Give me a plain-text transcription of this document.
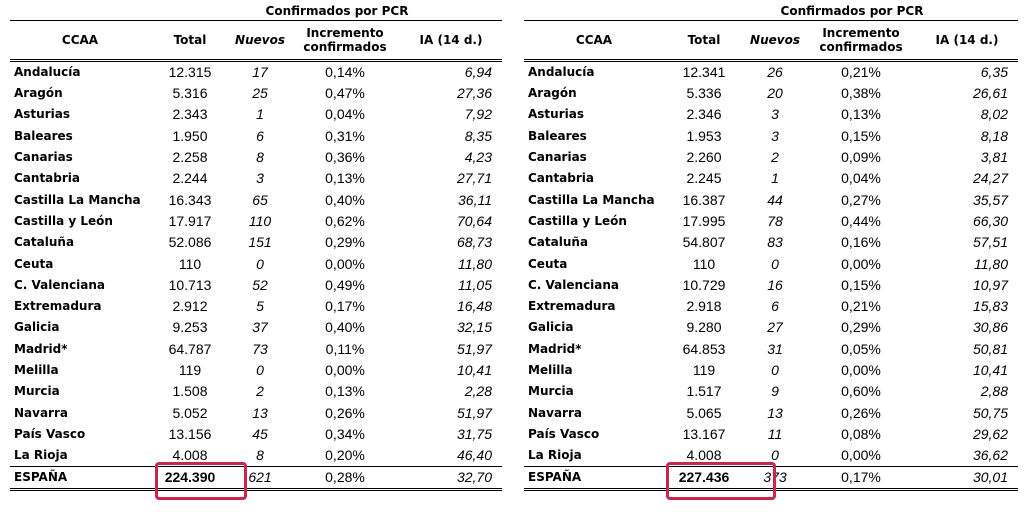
Confirmados por PCR
CCAA	Total	Nuevos	Incremento
confirmados	IA (14 d.)
Andalucía	12.315	17	0,14%	6,94
Aragón	5.316	25	0,47%	27,36
Asturias	2.343	1	0,04%	7,92
Baleares	1.950	6	0,31%	8,35
Canarias	2.258	8	0,36%	4,23
Cantabria	2.244	3	0,13%	27,71
Castilla La Mancha	16.343	65	0,40%	36,11
Castilla y León	17.917	110	0,62%	70,64
Cataluña	52.086	151	0,29%	68,73
Ceuta	110	0	0,00%	11,80
C. Valenciana	10.713	52	0,49%	11,05
Extremadura	2.912	5	0,17%	16,48
Galicia	9.253	37	0,40%	32,15
Madrid*	64.787	73	0,11%	51,97
Melilla	119	0	0,00%	10,41
Murcia	1.508	2	0,13%	2,28
Navarra	5.052	13	0,26%	51,97
País Vasco	13.156	45	0,34%	31,75
La Rioja	4.008	8	0,20%	46,40
ESPAÑA	224.390	621	0,28%	32,70
Confirmados por PCR
CCAA	Total	Nuevos	Incremento
confirmados	IA (14 d.)
Andalucía	12.341	26	0,21%	6,35
Aragón	5.336	20	0,38%	26,61
Asturias	2.346	3	0,13%	8,02
Baleares	1.953	3	0,15%	8,18
Canarias	2.260	2	0,09%	3,81
Cantabria	2.245	1	0,04%	24,27
Castilla La Mancha	16.387	44	0,27%	35,57
Castilla y León	17.995	78	0,44%	66,30
Cataluña	54.807	83	0,16%	57,51
Ceuta	110	0	0,00%	11,80
C. Valenciana	10.729	16	0,15%	10,97
Extremadura	2.918	6	0,21%	15,83
Galicia	9.280	27	0,29%	30,86
Madrid*	64.853	31	0,05%	50,81
Melilla	119	0	0,00%	10,41
Murcia	1.517	9	0,60%	2,88
Navarra	5.065	13	0,26%	50,75
País Vasco	13.167	11	0,08%	29,62
La Rioja	4.008	0	0,00%	36,62
ESPAÑA	227.436	373	0,17%	30,01
